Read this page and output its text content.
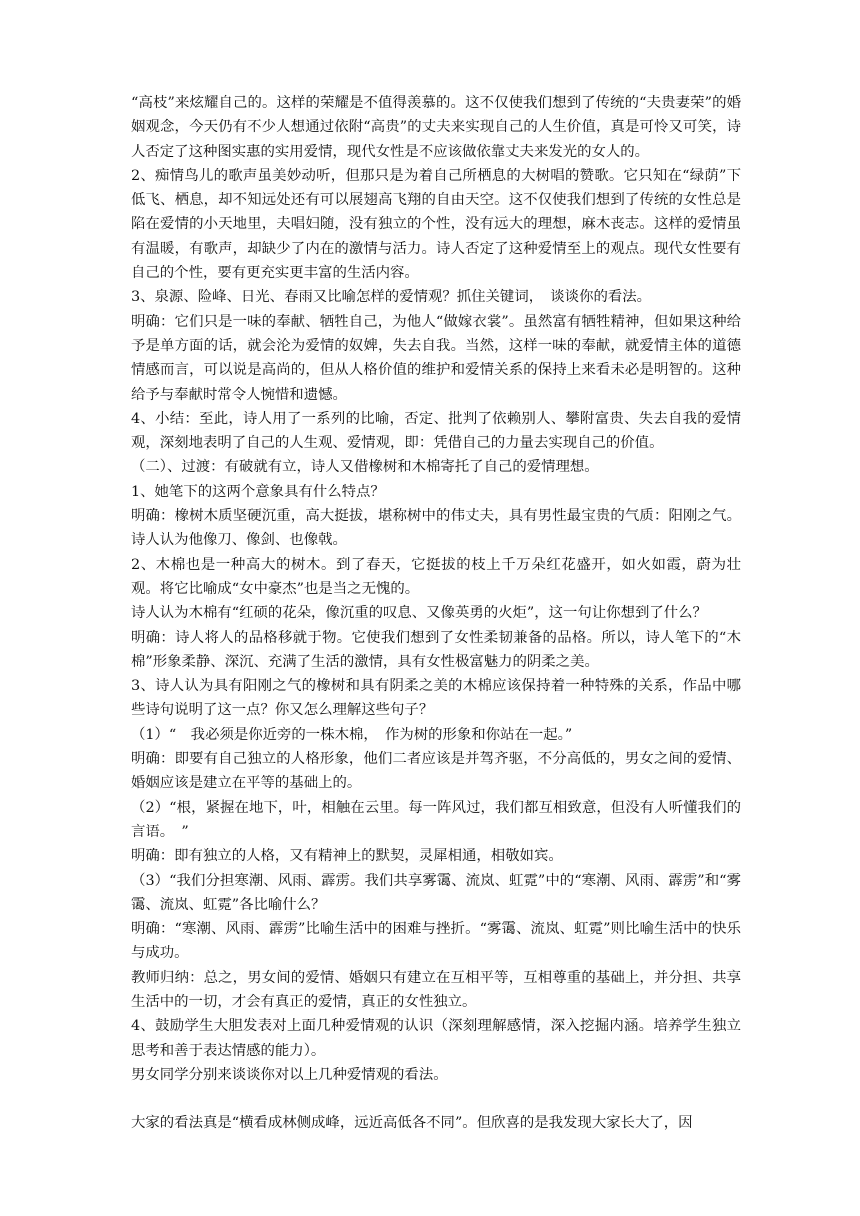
“高枝”来炫耀自己的。这样的荣耀是不值得羡慕的。这不仅使我们想到了传统的“夫贵妻荣”的婚姻观念，今天仍有不少人想通过依附“高贵”的丈夫来实现自己的人生价值，真是可怜又可笑，诗人否定了这种图实惠的实用爱情，现代女性是不应该做依靠丈夫来发光的女人的。

2、痴情鸟儿的歌声虽美妙动听，但那只是为着自己所栖息的大树唱的赞歌。它只知在“绿荫”下低飞、栖息，却不知远处还有可以展翅高飞翔的自由天空。这不仅使我们想到了传统的女性总是陷在爱情的小天地里，夫唱妇随，没有独立的个性，没有远大的理想，麻木丧志。这样的爱情虽有温暖，有歌声，却缺少了内在的激情与活力。诗人否定了这种爱情至上的观点。现代女性要有自己的个性，要有更充实更丰富的生活内容。

3、泉源、险峰、日光、春雨又比喻怎样的爱情观？抓住关键词，　谈谈你的看法。

明确：它们只是一味的奉献、牺牲自己，为他人“做嫁衣裳”。虽然富有牺牲精神，但如果这种给予是单方面的话，就会沦为爱情的奴婢，失去自我。当然，这样一味的奉献，就爱情主体的道德情感而言，可以说是高尚的，但从人格价值的维护和爱情关系的保持上来看未必是明智的。这种给予与奉献时常令人惋惜和遗憾。

4、小结：至此，诗人用了一系列的比喻，否定、批判了依赖别人、攀附富贵、失去自我的爱情观，深刻地表明了自己的人生观、爱情观，即：凭借自己的力量去实现自己的价值。

（二）、过渡：有破就有立，诗人又借橡树和木棉寄托了自己的爱情理想。

1、她笔下的这两个意象具有什么特点？

明确：橡树木质坚硬沉重，高大挺拔，堪称树中的伟丈夫，具有男性最宝贵的气质：阳刚之气。诗人认为他像刀、像剑、也像戟。

2、木棉也是一种高大的树木。到了春天，它挺拔的枝上千万朵红花盛开，如火如霞，蔚为壮观。将它比喻成“女中豪杰”也是当之无愧的。

诗人认为木棉有“红硕的花朵，像沉重的叹息、又像英勇的火炬”，这一句让你想到了什么？

明确：诗人将人的品格移就于物。它使我们想到了女性柔韧兼备的品格。所以，诗人笔下的“木棉”形象柔静、深沉、充满了生活的激情，具有女性极富魅力的阴柔之美。

3、诗人认为具有阳刚之气的橡树和具有阴柔之美的木棉应该保持着一种特殊的关系，作品中哪些诗句说明了这一点？你又怎么理解这些句子？

（1）“　我必须是你近旁的一株木棉，　作为树的形象和你站在一起。”

明确：即要有自己独立的人格形象，他们二者应该是并驾齐驱，不分高低的，男女之间的爱情、婚姻应该是建立在平等的基础上的。

（2）“根，紧握在地下，叶，相触在云里。每一阵风过，我们都互相致意，但没有人听懂我们的言语。　”

明确：即有独立的人格，又有精神上的默契，灵犀相通，相敬如宾。

（3）“我们分担寒潮、风雨、霹雳。我们共享雾霭、流岚、虹霓”中的“寒潮、风雨、霹雳”和“雾霭、流岚、虹霓”各比喻什么？

明确：“寒潮、风雨、霹雳”比喻生活中的困难与挫折。“雾霭、流岚、虹霓”则比喻生活中的快乐与成功。

教师归纳：总之，男女间的爱情、婚姻只有建立在互相平等，互相尊重的基础上，并分担、共享生活中的一切，才会有真正的爱情，真正的女性独立。

4、鼓励学生大胆发表对上面几种爱情观的认识（深刻理解感情，深入挖掘内涵。培养学生独立思考和善于表达情感的能力）。

男女同学分别来谈谈你对以上几种爱情观的看法。

大家的看法真是“横看成林侧成峰，远近高低各不同”。但欣喜的是我发现大家长大了，因
